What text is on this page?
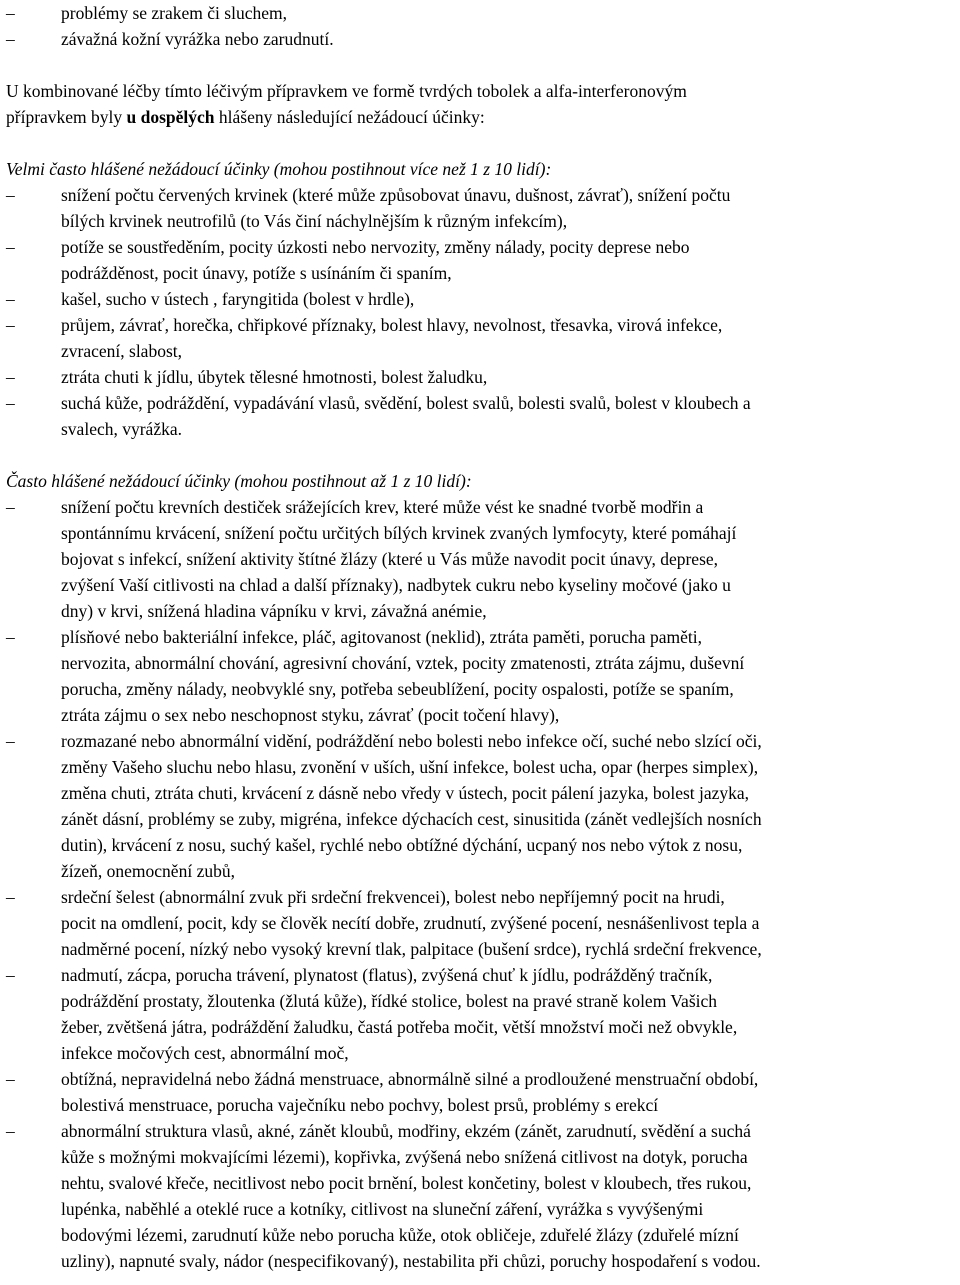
–	problémy se zrakem či sluchem,
–	závažná kožní vyrážka nebo zarudnutí.
U kombinované léčby tímto léčivým přípravkem ve formě tvrdých tobolek a alfa-interferonovým
přípravkem byly u dospělých hlášeny následující nežádoucí účinky:
Velmi často hlášené nežádoucí účinky (mohou postihnout více než 1 z 10 lidí):
–	snížení počtu červených krvinek (které může způsobovat únavu, dušnost, závrať), snížení počtu
bílých krvinek neutrofilů (to Vás činí náchylnějším k různým infekcím),
–	potíže se soustředěním, pocity úzkosti nebo nervozity, změny nálady, pocity deprese nebo
podrážděnost, pocit únavy, potíže s usínáním či spaním,
–	kašel, sucho v ústech , faryngitida (bolest v hrdle),
–	průjem, závrať, horečka, chřipkové příznaky, bolest hlavy, nevolnost, třesavka, virová infekce,
zvracení, slabost,
–	ztráta chuti k jídlu, úbytek tělesné hmotnosti, bolest žaludku,
–	suchá kůže, podráždění, vypadávání vlasů, svědění, bolest svalů, bolesti svalů, bolest v kloubech a
svalech, vyrážka.
Často hlášené nežádoucí účinky (mohou postihnout až 1 z 10 lidí):
–	snížení počtu krevních destiček srážejících krev, které může vést ke snadné tvorbě modřin a
spontánnímu krvácení, snížení počtu určitých bílých krvinek zvaných lymfocyty, které pomáhají
bojovat s infekcí, snížení aktivity štítné žlázy (které u Vás může navodit pocit únavy, deprese,
zvýšení Vaší citlivosti na chlad a další příznaky), nadbytek cukru nebo kyseliny močové (jako u
dny) v krvi, snížená hladina vápníku v krvi, závažná anémie,
–	plísňové nebo bakteriální infekce, pláč, agitovanost (neklid), ztráta paměti, porucha paměti,
nervozita, abnormální chování, agresivní chování, vztek, pocity zmatenosti, ztráta zájmu, duševní
porucha, změny nálady, neobvyklé sny, potřeba sebeublížení, pocity ospalosti, potíže se spaním,
ztráta zájmu o sex nebo neschopnost styku, závrať (pocit točení hlavy),
–	rozmazané nebo abnormální vidění, podráždění nebo bolesti nebo infekce očí, suché nebo slzící oči,
změny Vašeho sluchu nebo hlasu, zvonění v uších, ušní infekce, bolest ucha, opar (herpes simplex),
změna chuti, ztráta chuti, krvácení z dásně nebo vředy v ústech, pocit pálení jazyka, bolest jazyka,
zánět dásní, problémy se zuby, migréna, infekce dýchacích cest, sinusitida (zánět vedlejších nosních
dutin), krvácení z nosu, suchý kašel, rychlé nebo obtížné dýchání, ucpaný nos nebo výtok z nosu,
žízeň, onemocnění zubů,
–	srdeční šelest (abnormální zvuk při srdeční frekvencei), bolest nebo nepříjemný pocit na hrudi,
pocit na omdlení, pocit, kdy se člověk necítí dobře, zrudnutí, zvýšené pocení, nesnášenlivost tepla a
nadměrné pocení, nízký nebo vysoký krevní tlak, palpitace (bušení srdce), rychlá srdeční frekvence,
–	nadmutí, zácpa, porucha trávení, plynatost (flatus), zvýšená chuť k jídlu, podrážděný tračník,
podráždění prostaty, žloutenka (žlutá kůže), řídké stolice, bolest na pravé straně kolem Vašich
žeber, zvětšená játra, podráždění žaludku, častá potřeba močit, větší množství moči než obvykle,
infekce močových cest, abnormální moč,
–	obtížná, nepravidelná nebo žádná menstruace, abnormálně silné a prodloužené menstruační období,
bolestivá menstruace, porucha vaječníku nebo pochvy, bolest prsů, problémy s erekcí
–	abnormální struktura vlasů, akné, zánět kloubů, modřiny, ekzém (zánět, zarudnutí, svědění a suchá
kůže s možnými mokvajícími lézemi), kopřivka, zvýšená nebo snížená citlivost na dotyk, porucha
nehtu, svalové křeče, necitlivost nebo pocit brnění, bolest končetiny, bolest v kloubech, třes rukou,
lupénka, naběhlé a oteklé ruce a kotníky, citlivost na sluneční záření, vyrážka s vyvýšenými
bodovými lézemi, zarudnutí kůže nebo porucha kůže, otok obličeje, zduřelé žlázy (zduřelé mízní
uzliny), napnuté svaly, nádor (nespecifikovaný), nestabilita při chůzi, poruchy hospodaření s vodou.
